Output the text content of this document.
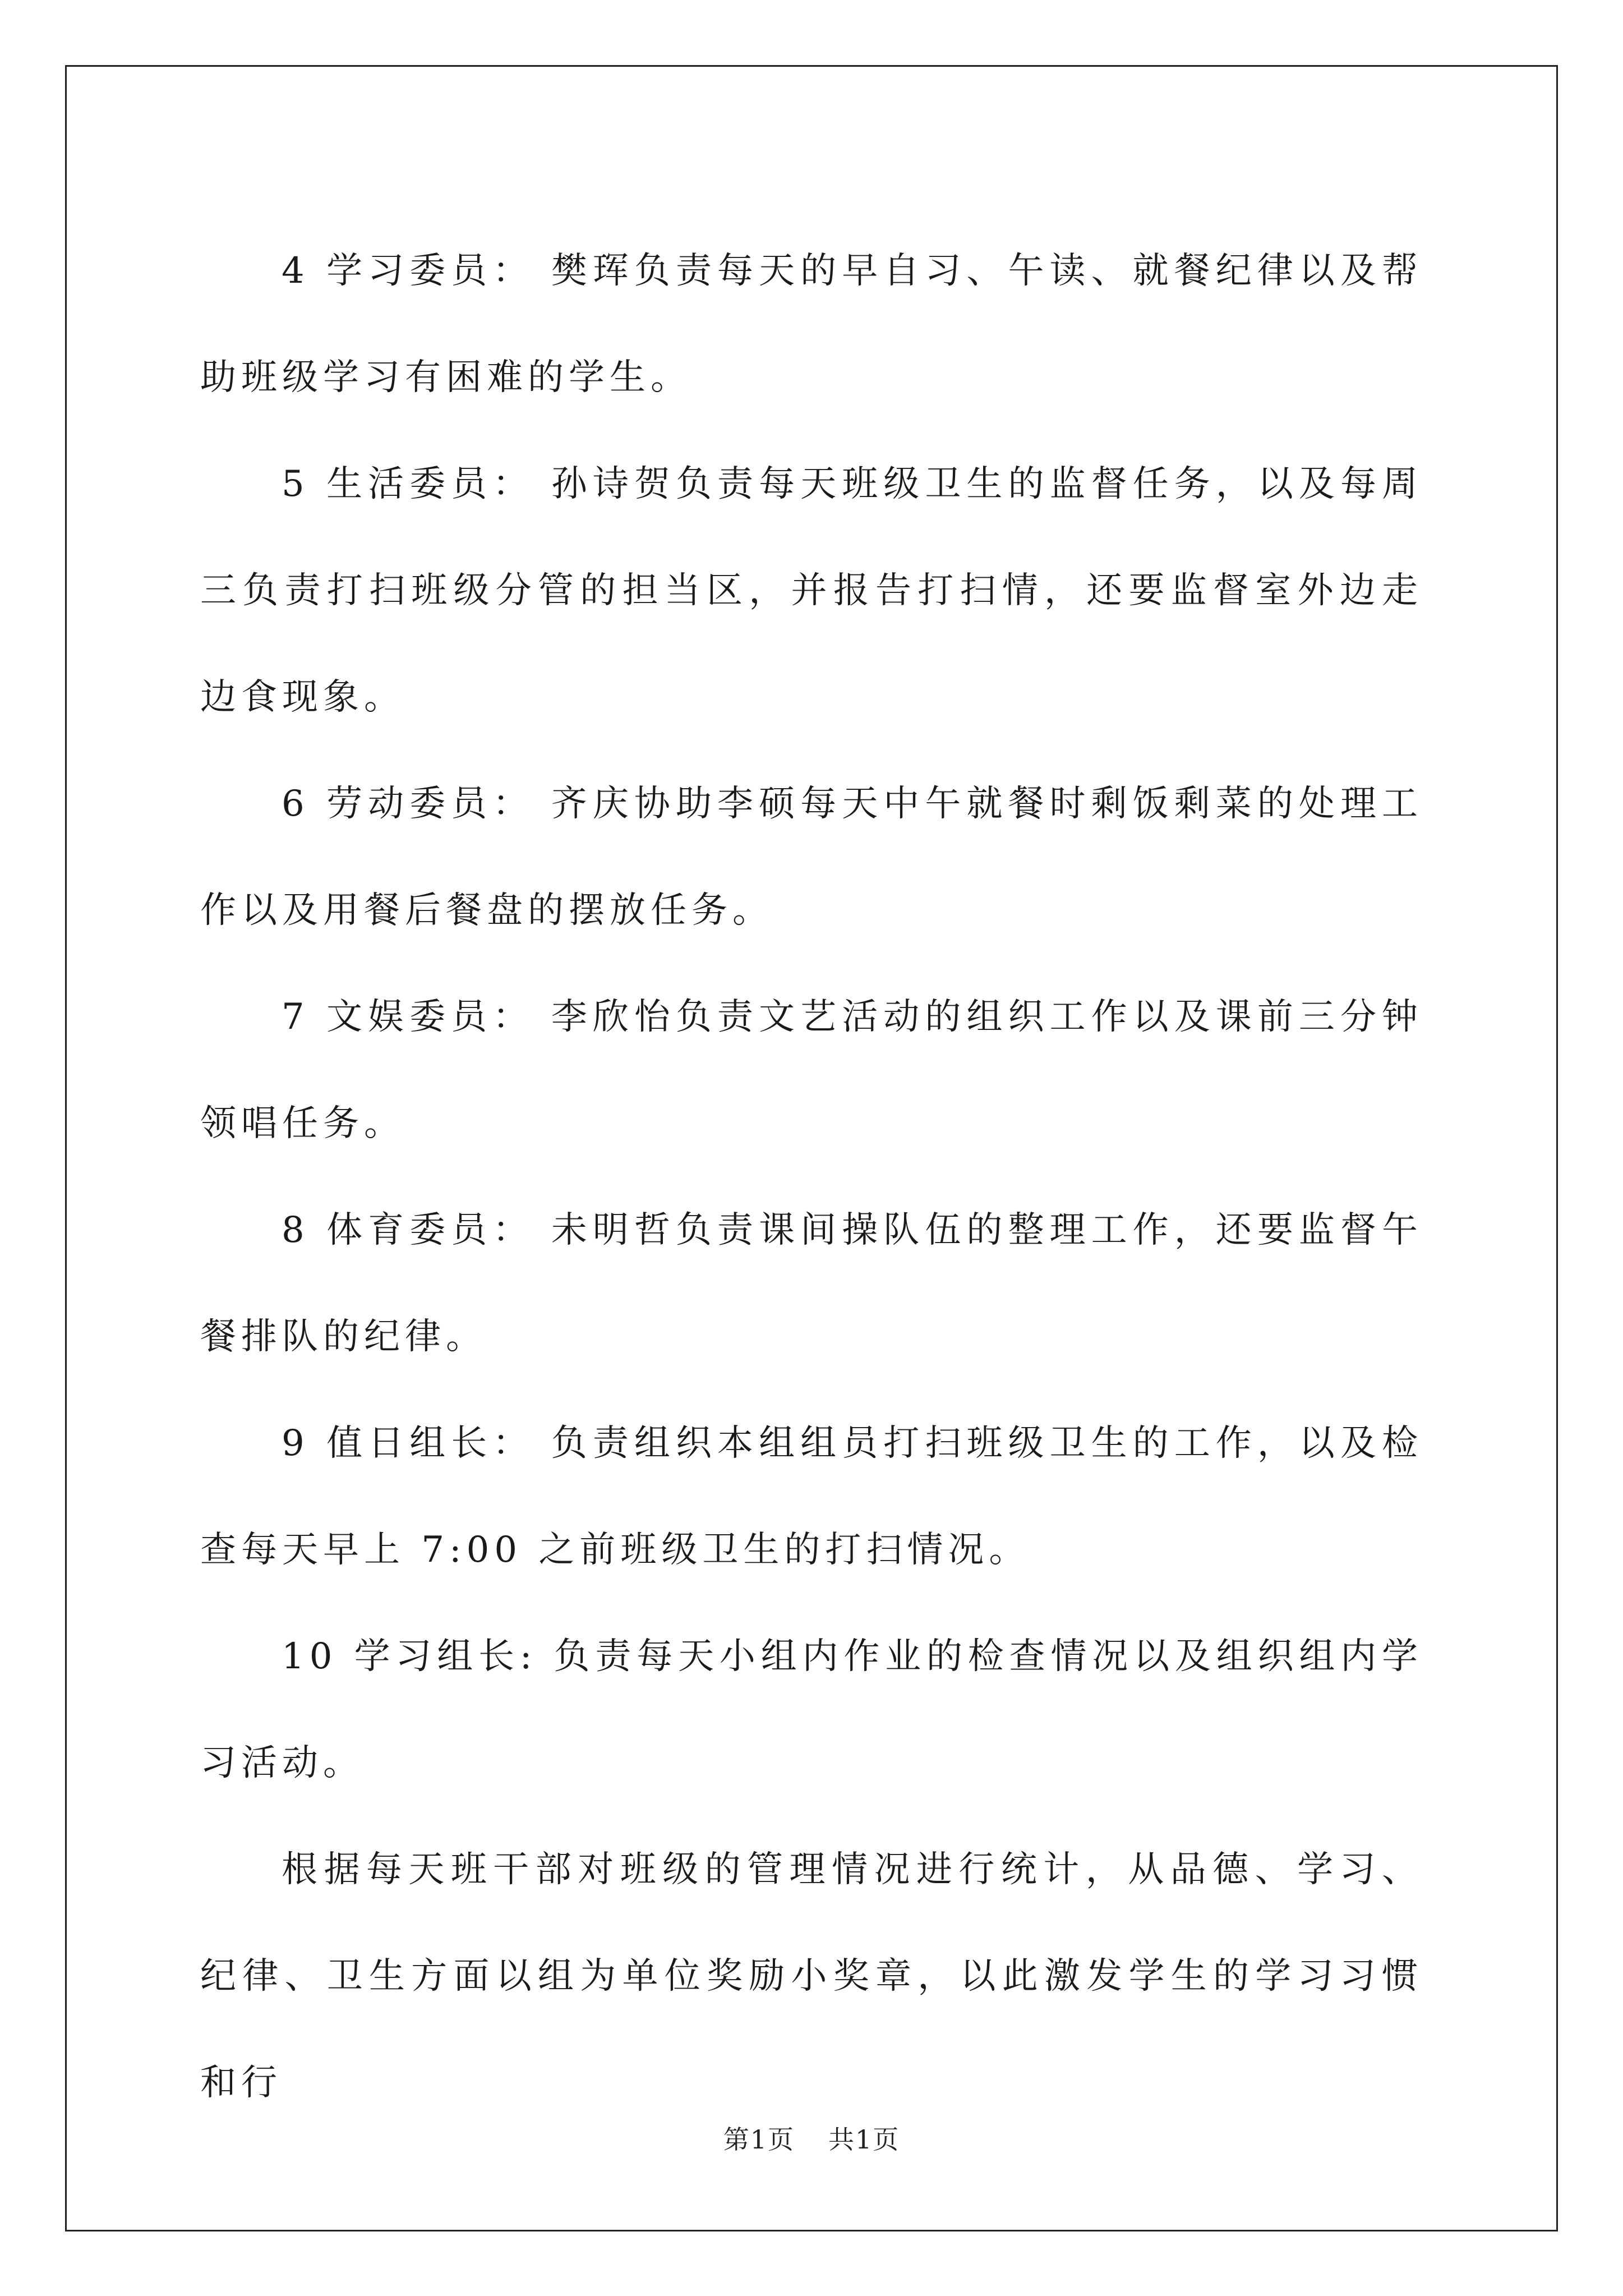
4 学习委员： 樊珲负责每天的早自习、午读、就餐纪律以及帮助班级学习有困难的学生。

5 生活委员： 孙诗贺负责每天班级卫生的监督任务，以及每周三负责打扫班级分管的担当区，并报告打扫情，还要监督室外边走边食现象。

6 劳动委员： 齐庆协助李硕每天中午就餐时剩饭剩菜的处理工作以及用餐后餐盘的摆放任务。

7 文娱委员： 李欣怡负责文艺活动的组织工作以及课前三分钟领唱任务。

8 体育委员： 未明哲负责课间操队伍的整理工作，还要监督午餐排队的纪律。

9 值日组长： 负责组织本组组员打扫班级卫生的工作，以及检查每天早上 7:00 之前班级卫生的打扫情况。

10 学习组长: 负责每天小组内作业的检查情况以及组织组内学习活动。

根据每天班干部对班级的管理情况进行统计，从品德、学习、纪律、卫生方面以组为单位奖励小奖章，以此激发学生的学习习惯和行

第1页 共1页
